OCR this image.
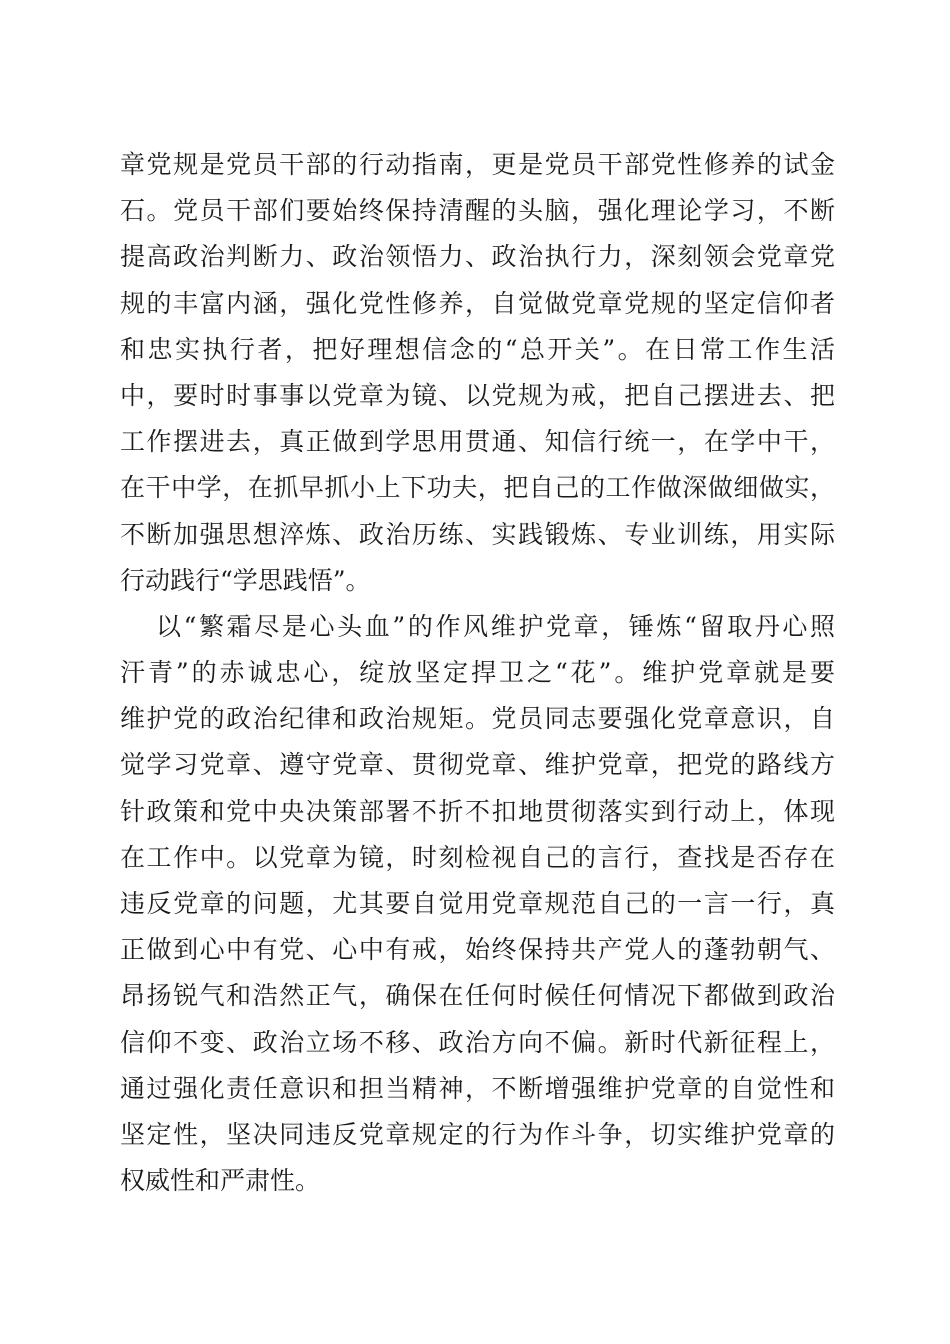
章党规是党员干部的行动指南，更是党员干部党性修养的试金
石。党员干部们要始终保持清醒的头脑，强化理论学习，不断
提高政治判断力、政治领悟力、政治执行力，深刻领会党章党
规的丰富内涵，强化党性修养，自觉做党章党规的坚定信仰者
和忠实执行者，把好理想信念的“总开关”。在日常工作生活
中，要时时事事以党章为镜、以党规为戒，把自己摆进去、把
工作摆进去，真正做到学思用贯通、知信行统一，在学中干，
在干中学，在抓早抓小上下功夫，把自己的工作做深做细做实，
不断加强思想淬炼、政治历练、实践锻炼、专业训练，用实际
行动践行“学思践悟”。
以“繁霜尽是心头血”的作风维护党章，锤炼“留取丹心照
汗青”的赤诚忠心，绽放坚定捍卫之“花”。维护党章就是要
维护党的政治纪律和政治规矩。党员同志要强化党章意识，自
觉学习党章、遵守党章、贯彻党章、维护党章，把党的路线方
针政策和党中央决策部署不折不扣地贯彻落实到行动上，体现
在工作中。以党章为镜，时刻检视自己的言行，查找是否存在
违反党章的问题，尤其要自觉用党章规范自己的一言一行，真
正做到心中有党、心中有戒，始终保持共产党人的蓬勃朝气、
昂扬锐气和浩然正气，确保在任何时候任何情况下都做到政治
信仰不变、政治立场不移、政治方向不偏。新时代新征程上，
通过强化责任意识和担当精神，不断增强维护党章的自觉性和
坚定性，坚决同违反党章规定的行为作斗争，切实维护党章的
权威性和严肃性。
